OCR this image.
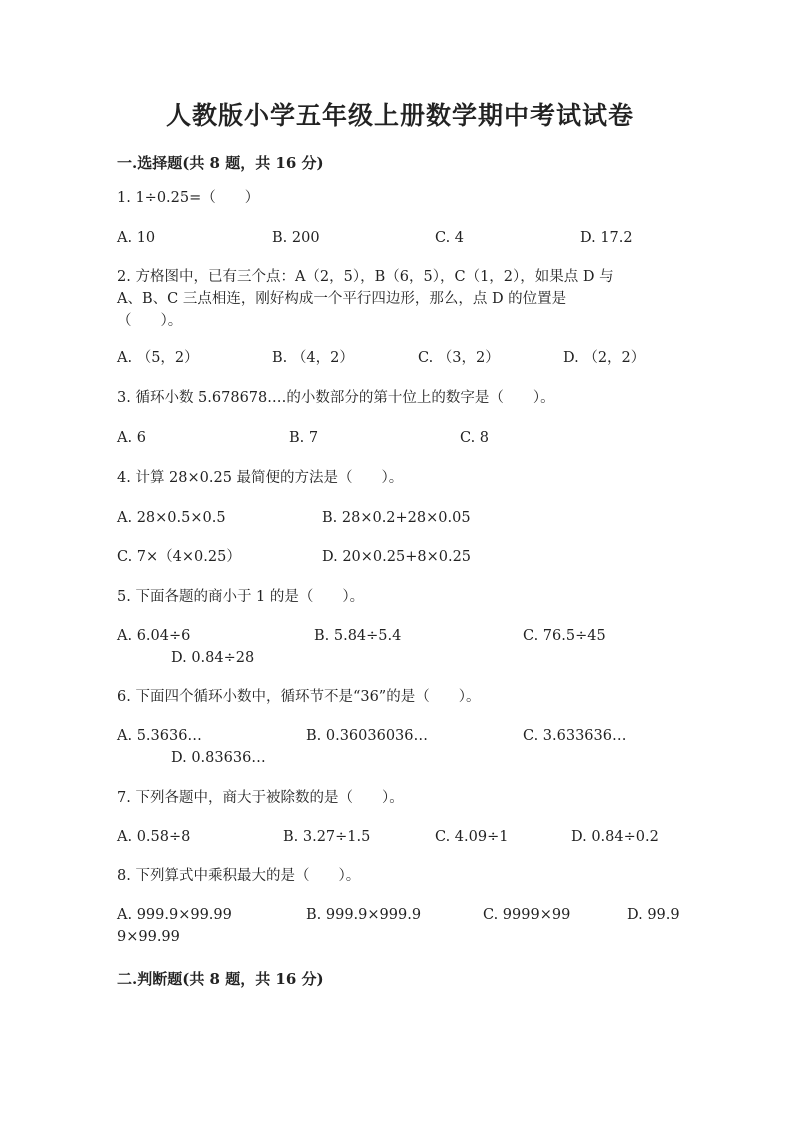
人教版小学五年级上册数学期中考试试卷
一.选择题(共 8 题，共 16 分)
1. 1÷0.25=（　　）
A. 10	B. 200	C. 4	D. 17.2
2. 方格图中，已有三个点：A（2，5），B（6，5），C（1，2），如果点 D 与
A、B、C 三点相连，刚好构成一个平行四边形，那么，点 D 的位置是
（　　）。
A. （5，2）	B. （4，2）	C. （3，2）	D. （2，2）
3. 循环小数 5.678678.…的小数部分的第十位上的数字是（　　）。
A. 6	B. 7	C. 8
4. 计算 28×0.25 最简便的方法是（　　）。
A. 28×0.5×0.5	B. 28×0.2+28×0.05
C. 7×（4×0.25）	D. 20×0.25+8×0.25
5. 下面各题的商小于 1 的是（　　）。
A. 6.04÷6	B. 5.84÷5.4	C. 76.5÷45
D. 0.84÷28
6. 下面四个循环小数中，循环节不是“36”的是（　　）。
A. 5.3636…	B. 0.36036036…	C. 3.633636…
D. 0.83636…
7. 下列各题中，商大于被除数的是（　　）。
A. 0.58÷8	B. 3.27÷1.5	C. 4.09÷1	D. 0.84÷0.2
8. 下列算式中乘积最大的是（　　）。
A. 999.9×99.99	B. 999.9×999.9	C. 9999×99	D. 99.9
9×99.99
二.判断题(共 8 题，共 16 分)
